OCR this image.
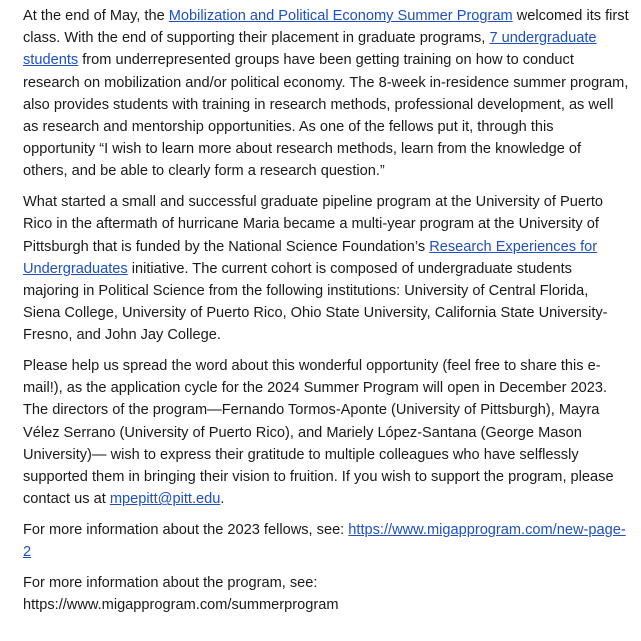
At the end of May, the Mobilization and Political Economy Summer Program welcomed its first class. With the end of supporting their placement in graduate programs, 7 undergraduate students from underrepresented groups have been getting training on how to conduct research on mobilization and/or political economy. The 8-week in-residence summer program, also provides students with training in research methods, professional development, as well as research and mentorship opportunities. As one of the fellows put it, through this opportunity “I wish to learn more about research methods, learn from the knowledge of others, and be able to clearly form a research question.”

What started a small and successful graduate pipeline program at the University of Puerto Rico in the aftermath of hurricane Maria became a multi-year program at the University of Pittsburgh that is funded by the National Science Foundation’s Research Experiences for Undergraduates initiative. The current cohort is composed of undergraduate students majoring in Political Science from the following institutions: University of Central Florida, Siena College, University of Puerto Rico, Ohio State University, California State University-Fresno, and John Jay College.

Please help us spread the word about this wonderful opportunity (feel free to share this e-mail!), as the application cycle for the 2024 Summer Program will open in December 2023. The directors of the program—Fernando Tormos-Aponte (University of Pittsburgh), Mayra Vélez Serrano (University of Puerto Rico), and Mariely López-Santana (George Mason University)— wish to express their gratitude to multiple colleagues who have selflessly supported them in bringing their vision to fruition. If you wish to support the program, please contact us at mpepitt@pitt.edu.

For more information about the 2023 fellows, see: https://www.migapprogram.com/new-page-2

For more information about the program, see: https://www.migapprogram.com/summerprogram
